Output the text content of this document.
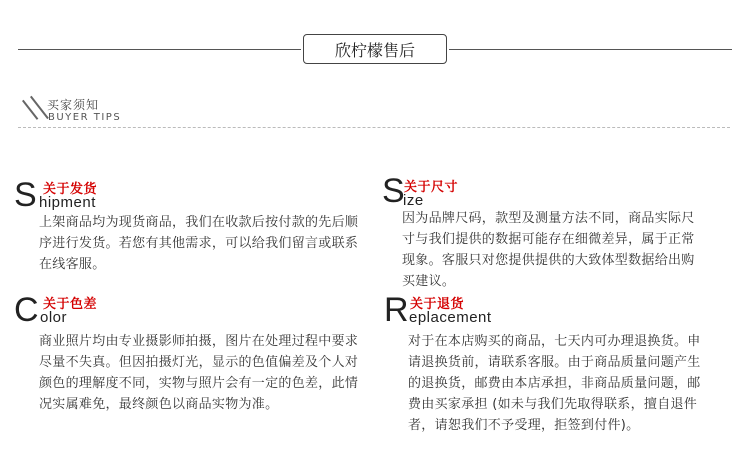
欣柠檬售后
买家须知
BUYER TIPS
S 关于发货
hipment
上架商品均为现货商品，我们在收款后按付款的先后顺序进行发货。若您有其他需求，可以给我们留言或联系在线客服。
C 关于色差
olor
商业照片均由专业摄影师拍摄，图片在处理过程中要求尽量不失真。但因拍摄灯光，显示的色值偏差及个人对颜色的理解度不同，实物与照片会有一定的色差，此情况实属难免，最终颜色以商品实物为准。
S 关于尺寸
ize
因为品牌尺码，款型及测量方法不同，商品实际尺寸与我们提供的数据可能存在细微差异，属于正常现象。客服只对您提供提供的大致体型数据给出购买建议。
R 关于退货
eplacement
对于在本店购买的商品，七天内可办理退换货。申请退换货前，请联系客服。由于商品质量问题产生的退换货，邮费由本店承担，非商品质量问题，邮费由买家承担 (如未与我们先取得联系，擅自退件者，请恕我们不予受理，拒签到付件)。
